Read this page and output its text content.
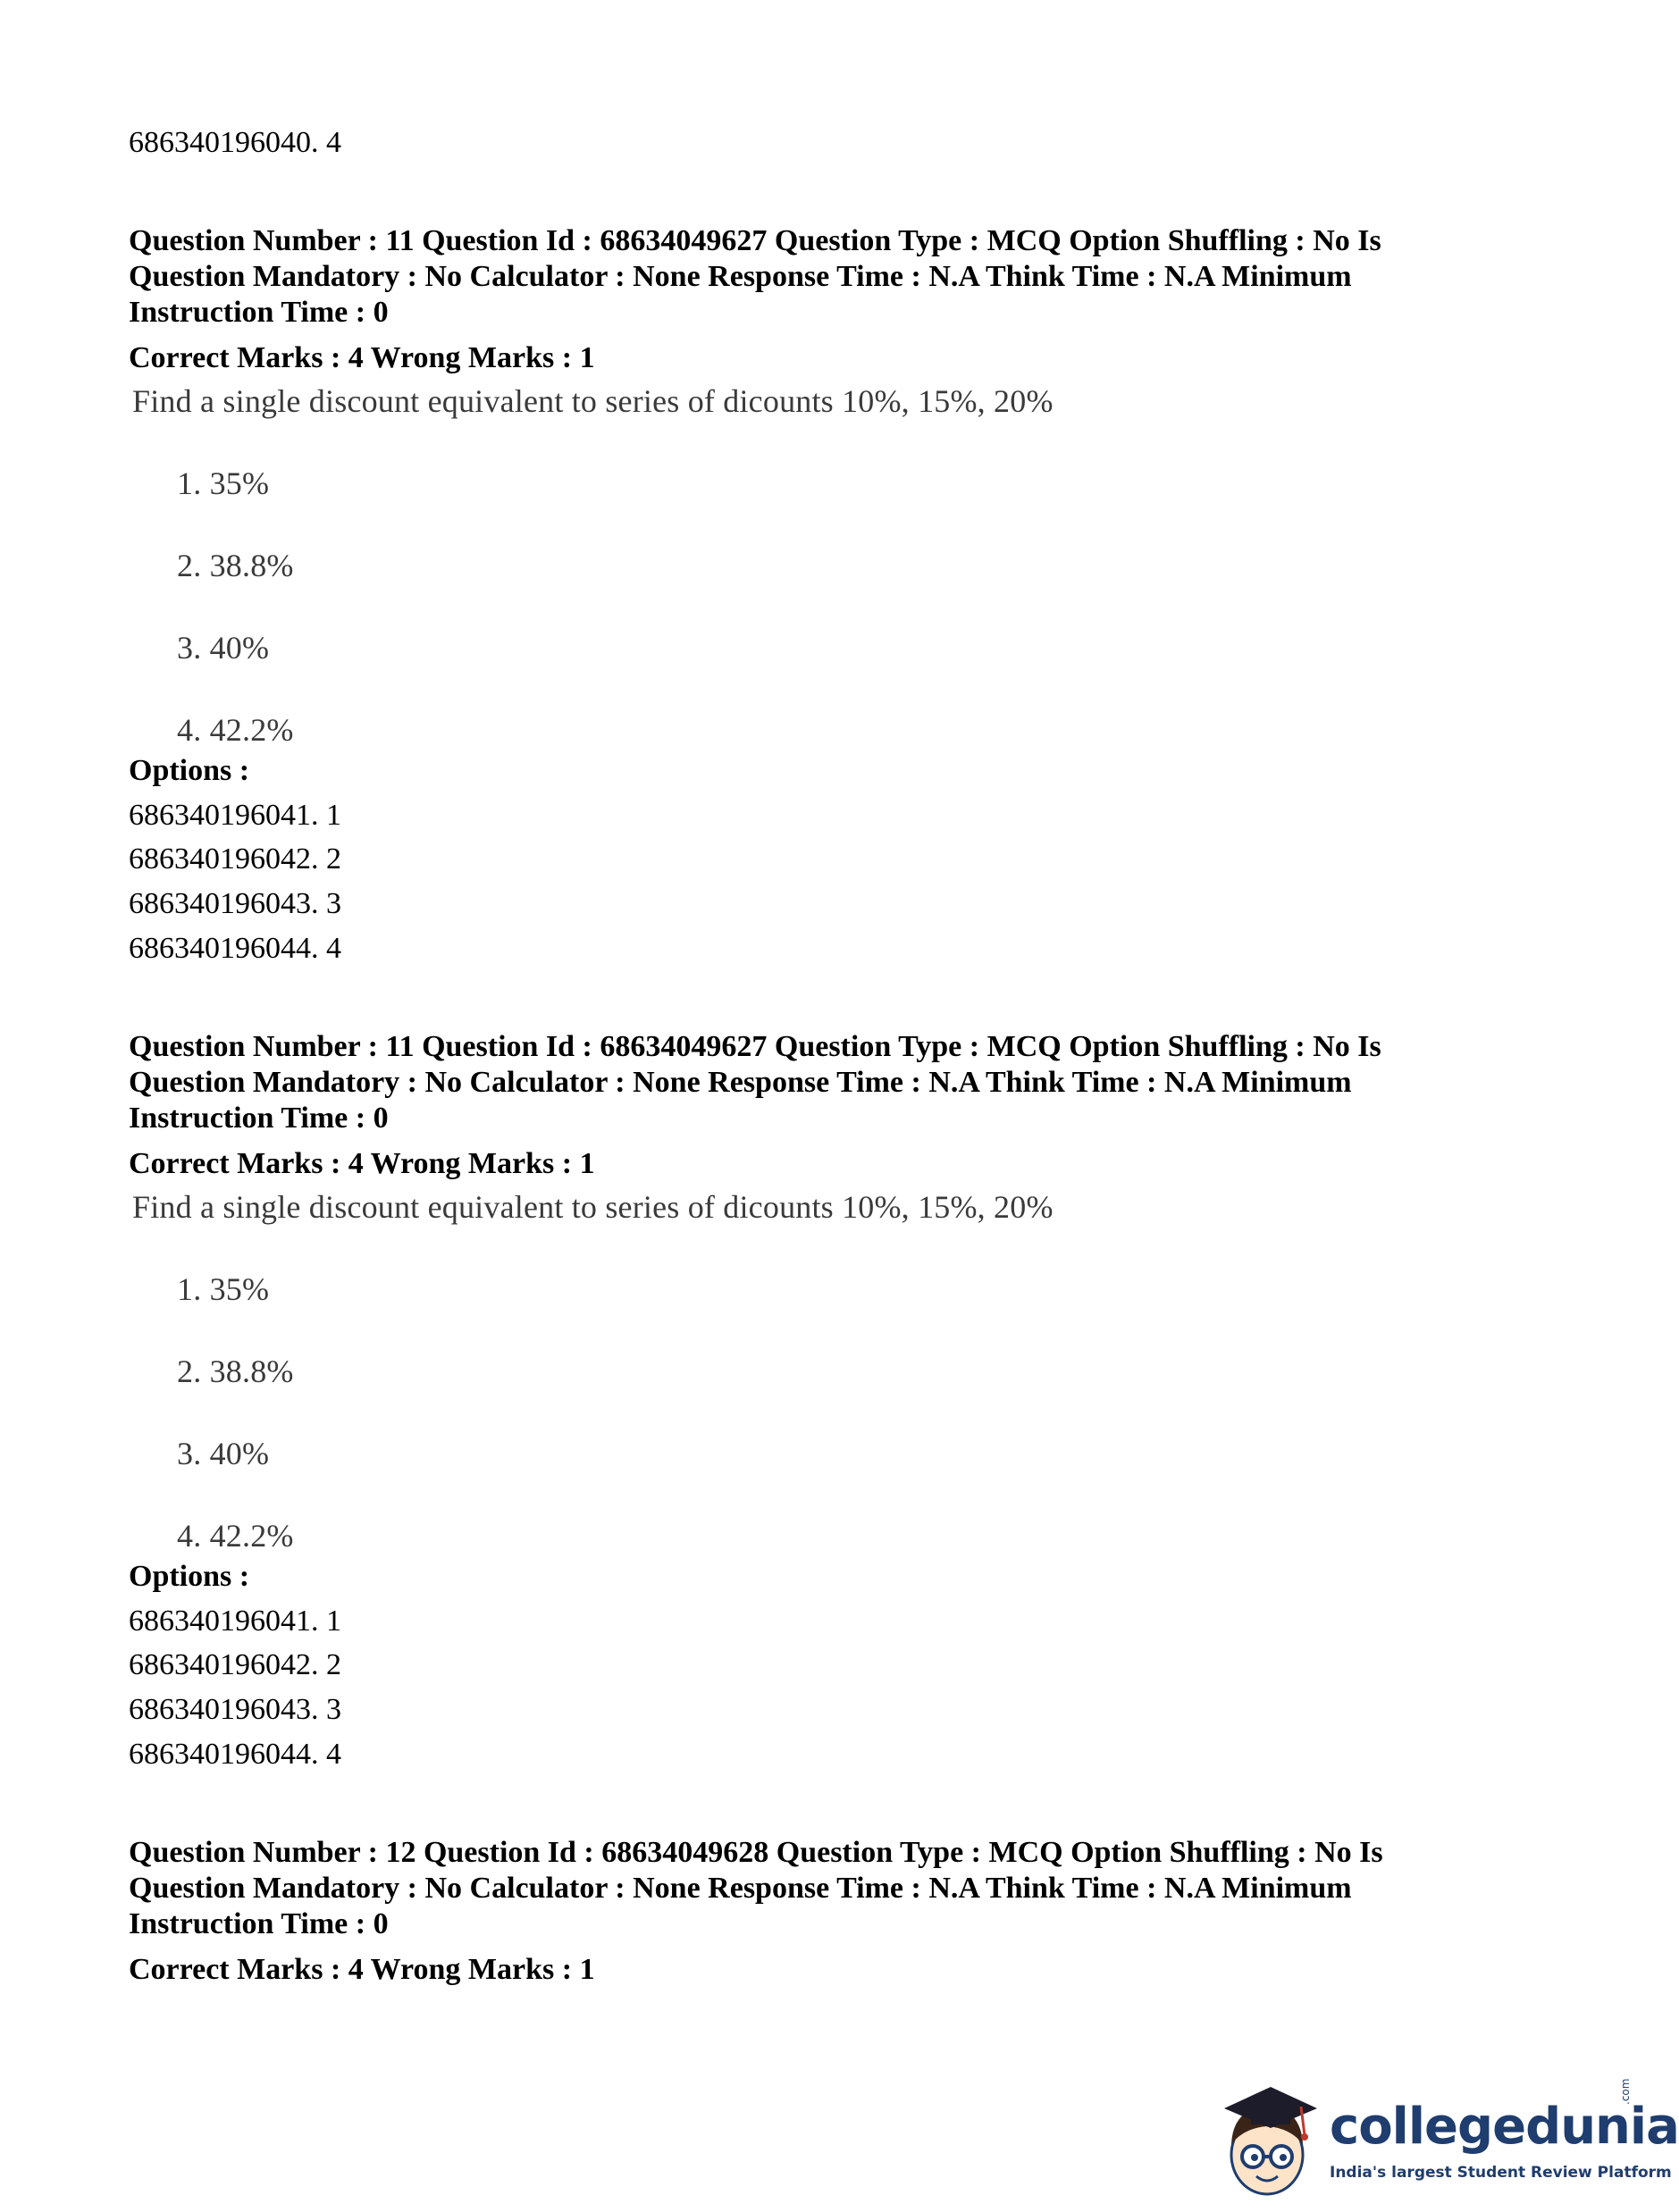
686340196040. 4
Question Number : 11 Question Id : 68634049627 Question Type : MCQ Option Shuffling : No Is
Question Mandatory : No Calculator : None Response Time : N.A Think Time : N.A Minimum
Instruction Time : 0
Correct Marks : 4 Wrong Marks : 1
Find a single discount equivalent to series of dicounts 10%, 15%, 20%
1. 35%
2. 38.8%
3. 40%
4. 42.2%
Options :
686340196041. 1
686340196042. 2
686340196043. 3
686340196044. 4
Question Number : 11 Question Id : 68634049627 Question Type : MCQ Option Shuffling : No Is
Question Mandatory : No Calculator : None Response Time : N.A Think Time : N.A Minimum
Instruction Time : 0
Correct Marks : 4 Wrong Marks : 1
Find a single discount equivalent to series of dicounts 10%, 15%, 20%
1. 35%
2. 38.8%
3. 40%
4. 42.2%
Options :
686340196041. 1
686340196042. 2
686340196043. 3
686340196044. 4
Question Number : 12 Question Id : 68634049628 Question Type : MCQ Option Shuffling : No Is
Question Mandatory : No Calculator : None Response Time : N.A Think Time : N.A Minimum
Instruction Time : 0
Correct Marks : 4 Wrong Marks : 1
collegedunia
.com
India's largest Student Review Platform
